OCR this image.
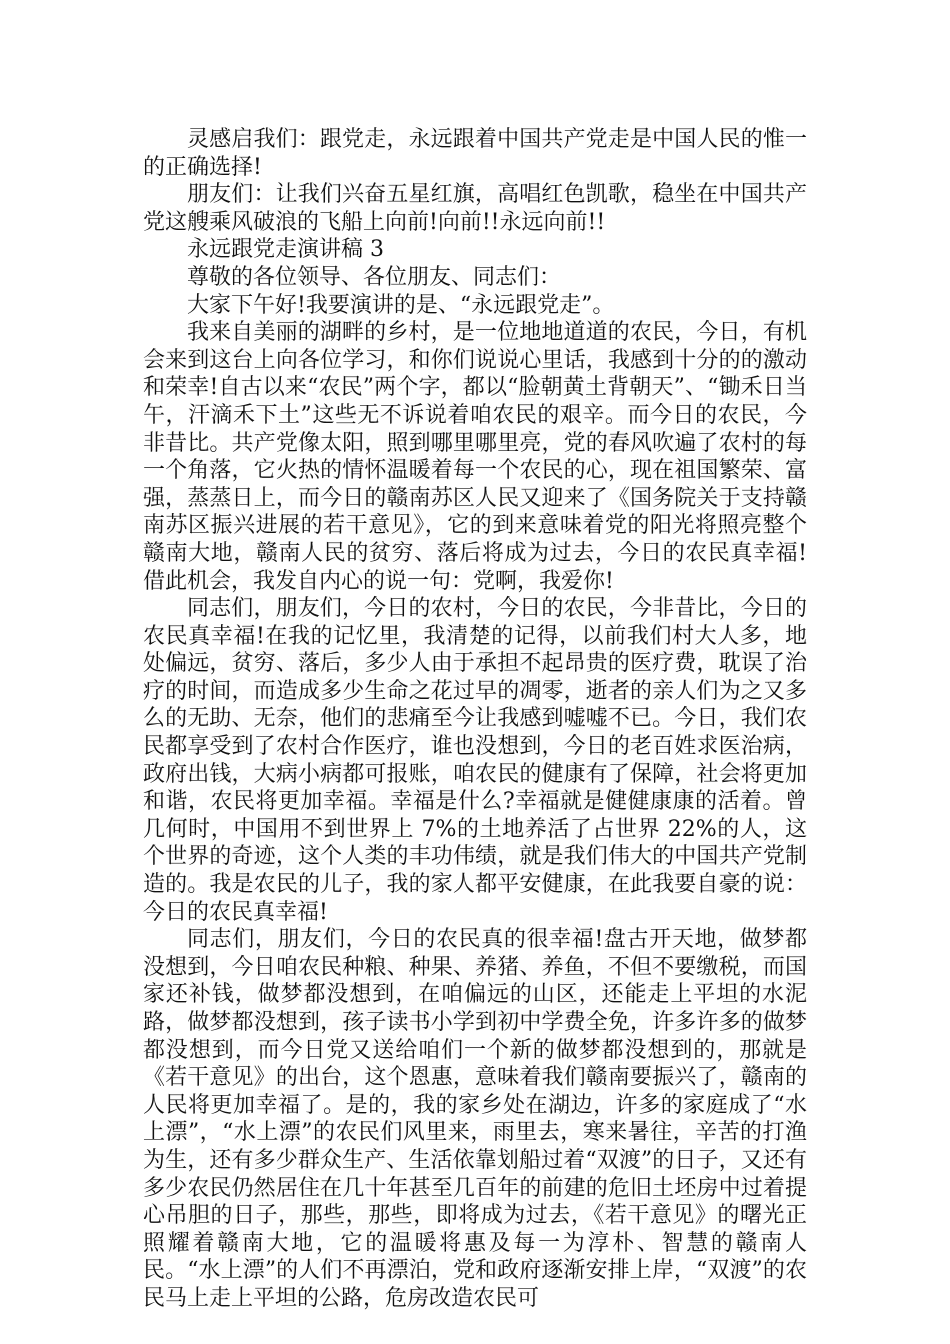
灵感启我们：跟党走，永远跟着中国共产党走是中国人民的惟一的正确选择!

朋友们：让我们兴奋五星红旗，高唱红色凯歌，稳坐在中国共产党这艘乘风破浪的飞船上向前!向前!!永远向前!!

永远跟党走演讲稿 3

尊敬的各位领导、各位朋友、同志们：

大家下午好!我要演讲的是、“永远跟党走”。

我来自美丽的湖畔的乡村，是一位地地道道的农民，今日，有机会来到这台上向各位学习，和你们说说心里话，我感到十分的的激动和荣幸!自古以来“农民”两个字，都以“脸朝黄土背朝天”、“锄禾日当午，汗滴禾下土”这些无不诉说着咱农民的艰辛。而今日的农民，今非昔比。共产党像太阳，照到哪里哪里亮，党的春风吹遍了农村的每一个角落，它火热的情怀温暖着每一个农民的心，现在祖国繁荣、富强，蒸蒸日上，而今日的赣南苏区人民又迎来了《国务院关于支持赣南苏区振兴进展的若干意见》，它的到来意味着党的阳光将照亮整个赣南大地，赣南人民的贫穷、落后将成为过去，今日的农民真幸福!借此机会，我发自内心的说一句：党啊，我爱你!

同志们，朋友们，今日的农村，今日的农民，今非昔比，今日的农民真幸福!在我的记忆里，我清楚的记得，以前我们村大人多，地处偏远，贫穷、落后，多少人由于承担不起昂贵的医疗费，耽误了治疗的时间，而造成多少生命之花过早的凋零，逝者的亲人们为之又多么的无助、无奈，他们的悲痛至今让我感到嘘嘘不已。今日，我们农民都享受到了农村合作医疗，谁也没想到，今日的老百姓求医治病，政府出钱，大病小病都可报账，咱农民的健康有了保障，社会将更加和谐，农民将更加幸福。幸福是什么?幸福就是健健康康的活着。曾几何时，中国用不到世界上 7%的土地养活了占世界 22%的人，这个世界的奇迹，这个人类的丰功伟绩，就是我们伟大的中国共产党制造的。我是农民的儿子，我的家人都平安健康，在此我要自豪的说：今日的农民真幸福!

同志们，朋友们，今日的农民真的很幸福!盘古开天地，做梦都没想到，今日咱农民种粮、种果、养猪、养鱼，不但不要缴税，而国家还补钱，做梦都没想到，在咱偏远的山区，还能走上平坦的水泥路，做梦都没想到，孩子读书小学到初中学费全免，许多许多的做梦都没想到，而今日党又送给咱们一个新的做梦都没想到的，那就是《若干意见》的出台，这个恩惠，意味着我们赣南要振兴了，赣南的人民将更加幸福了。是的，我的家乡处在湖边，许多的家庭成了“水上漂”，“水上漂”的农民们风里来，雨里去，寒来暑往，辛苦的打渔为生，还有多少群众生产、生活依靠划船过着“双渡”的日子，又还有多少农民仍然居住在几十年甚至几百年的前建的危旧土坯房中过着提心吊胆的日子，那些，那些，即将成为过去，《若干意见》的曙光正照耀着赣南大地，它的温暖将惠及每一为淳朴、智慧的赣南人民。“水上漂”的人们不再漂泊，党和政府逐渐安排上岸，“双渡”的农民马上走上平坦的公路，危房改造农民可
